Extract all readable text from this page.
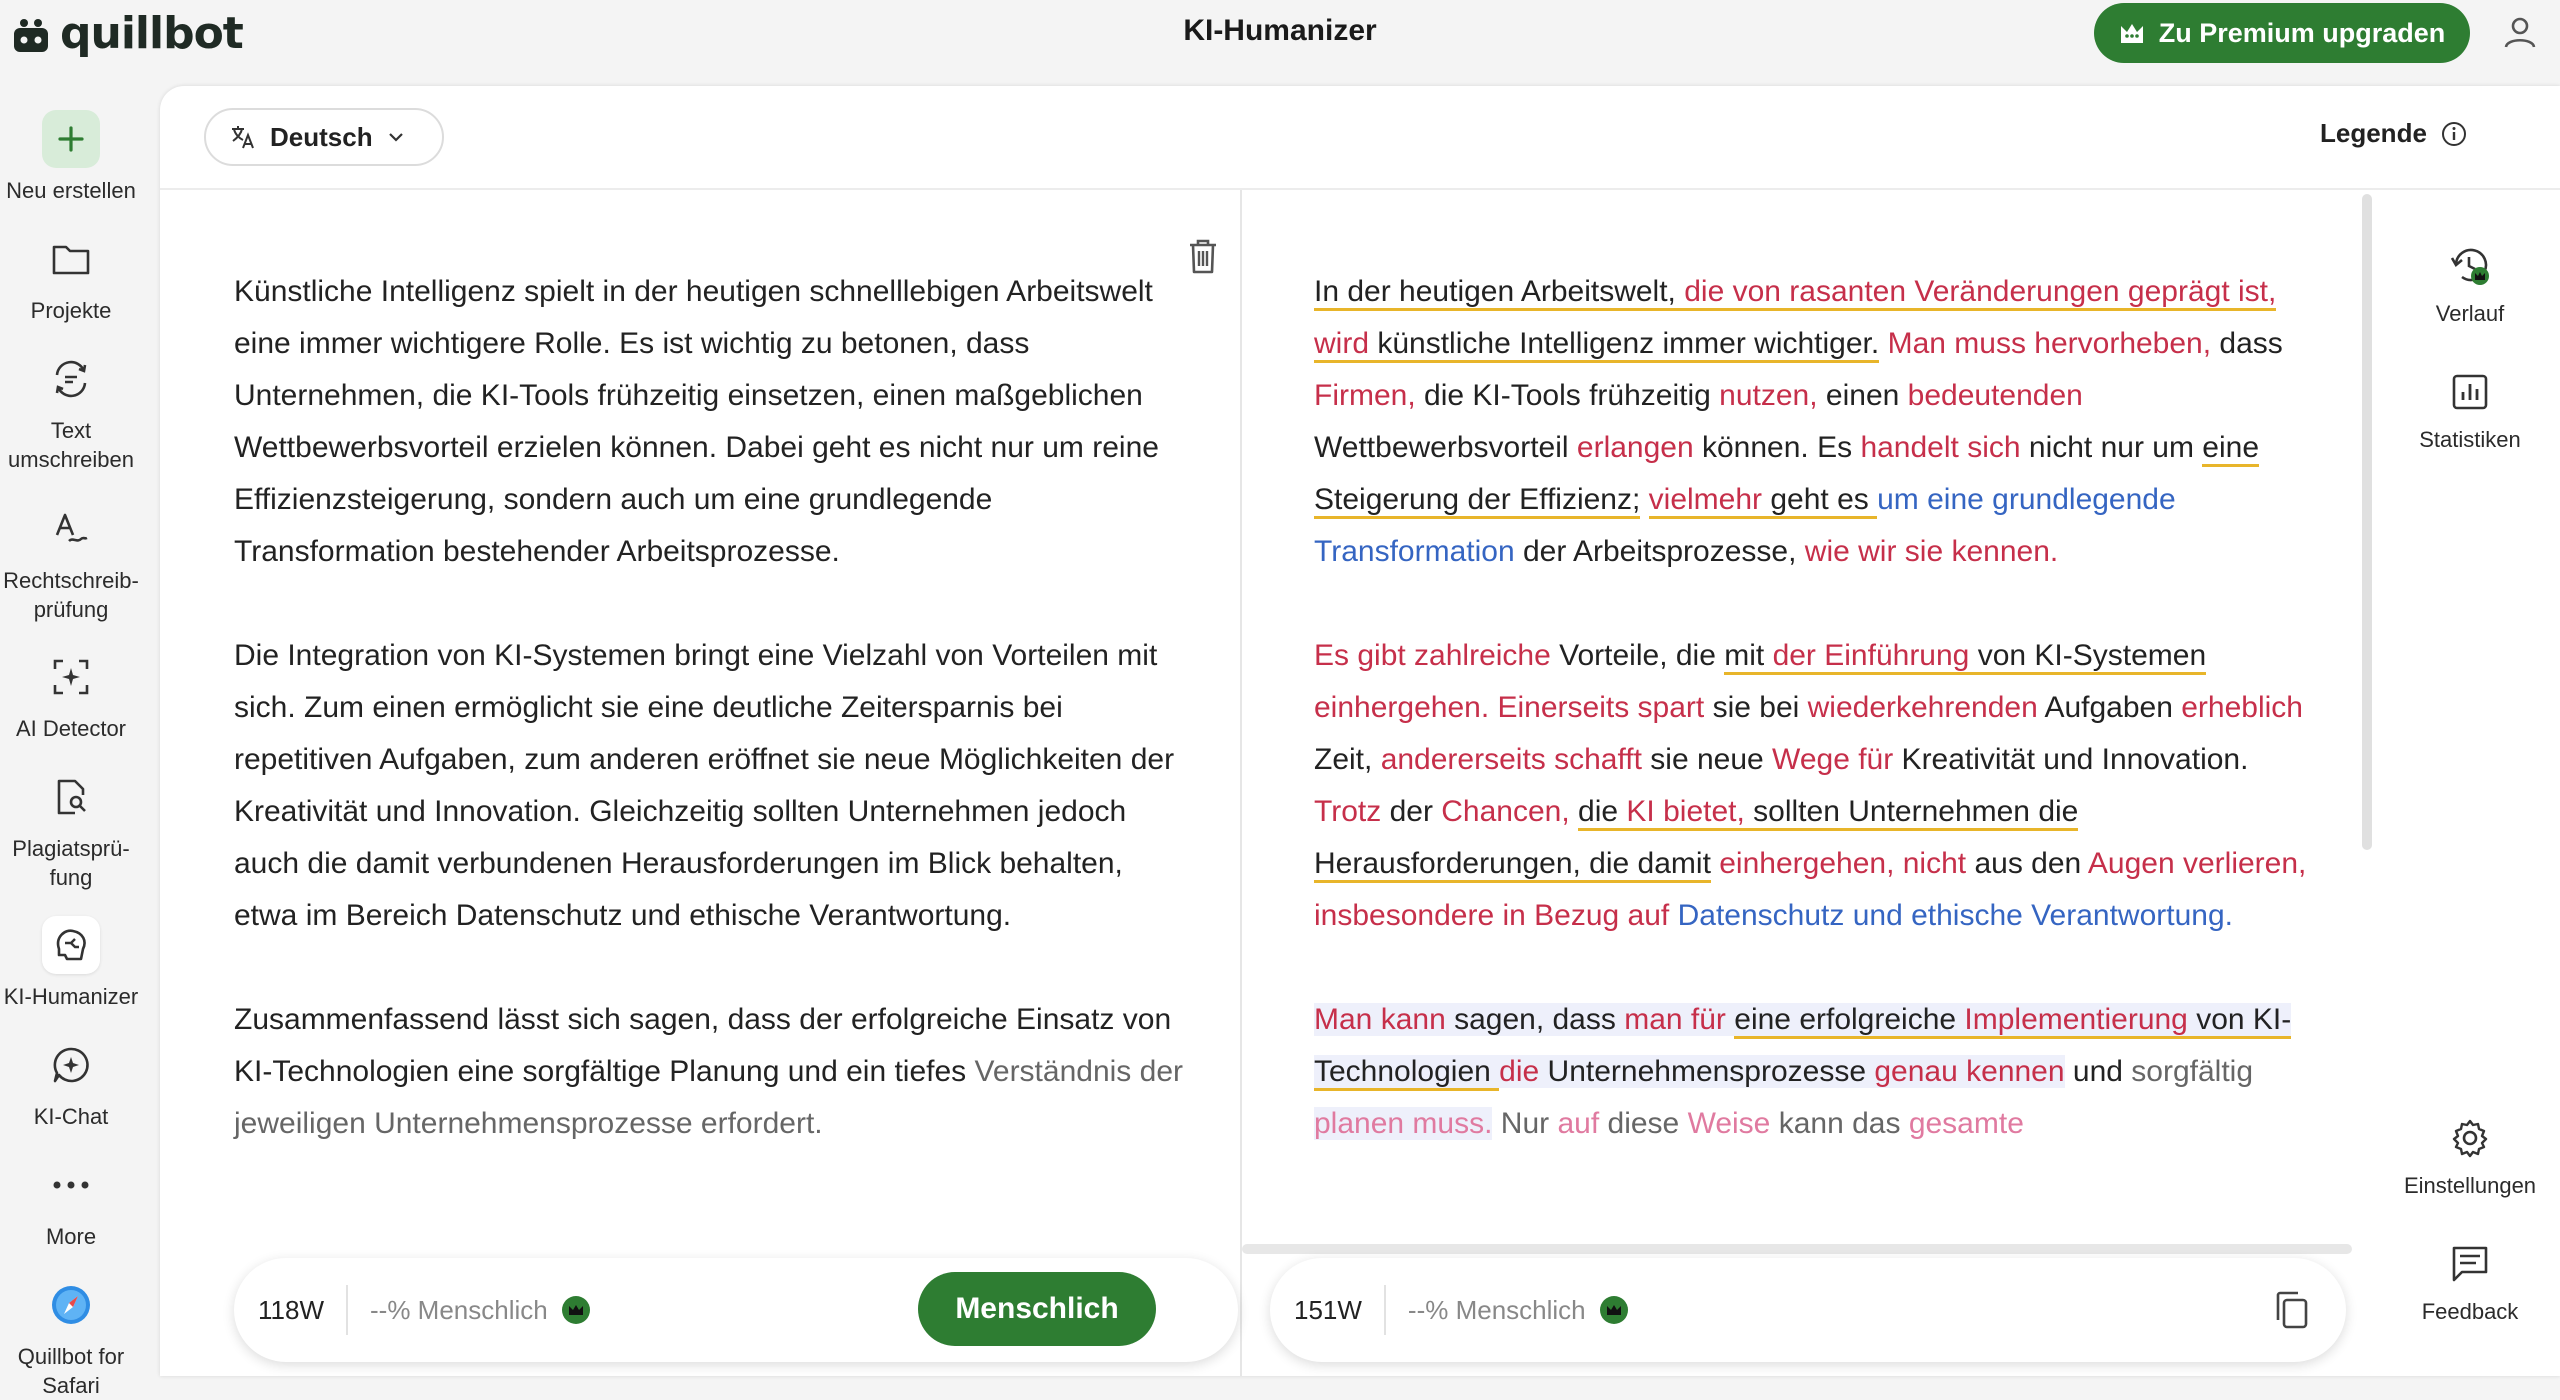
quillbot	KI-Humanizer	Zu Premium upgraden
Neu erstellen
Projekte
Text umschreiben
Rechtschreib-prüfung
AI Detector
Plagiatsprü-fung
KI-Humanizer
KI-Chat
More
Quillbot for Safari
Deutsch	Legende

Künstliche Intelligenz spielt in der heutigen schnelllebigen Arbeitswelt eine immer wichtigere Rolle. Es ist wichtig zu betonen, dass Unternehmen, die KI-Tools frühzeitig einsetzen, einen maßgeblichen Wettbewerbsvorteil erzielen können. Dabei geht es nicht nur um reine Effizienzsteigerung, sondern auch um eine grundlegende Transformation bestehender Arbeitsprozesse.

Die Integration von KI-Systemen bringt eine Vielzahl von Vorteilen mit sich. Zum einen ermöglicht sie eine deutliche Zeitersparnis bei repetitiven Aufgaben, zum anderen eröffnet sie neue Möglichkeiten der Kreativität und Innovation. Gleichzeitig sollten Unternehmen jedoch auch die damit verbundenen Herausforderungen im Blick behalten, etwa im Bereich Datenschutz und ethische Verantwortung.

Zusammenfassend lässt sich sagen, dass der erfolgreiche Einsatz von KI-Technologien eine sorgfältige Planung und ein tiefes Verständnis der jeweiligen Unternehmensprozesse erfordert.

In der heutigen Arbeitswelt, die von rasanten Veränderungen geprägt ist, wird künstliche Intelligenz immer wichtiger. Man muss hervorheben, dass Firmen, die KI-Tools frühzeitig nutzen, einen bedeutenden Wettbewerbsvorteil erlangen können. Es handelt sich nicht nur um eine Steigerung der Effizienz; vielmehr geht es um eine grundlegende Transformation der Arbeitsprozesse, wie wir sie kennen.

Es gibt zahlreiche Vorteile, die mit der Einführung von KI-Systemen einhergehen. Einerseits spart sie bei wiederkehrenden Aufgaben erheblich Zeit, andererseits schafft sie neue Wege für Kreativität und Innovation. Trotz der Chancen, die KI bietet, sollten Unternehmen die Herausforderungen, die damit einhergehen, nicht aus den Augen verlieren, insbesondere in Bezug auf Datenschutz und ethische Verantwortung.

Man kann sagen, dass man für eine erfolgreiche Implementierung von KI-Technologien die Unternehmensprozesse genau kennen und sorgfältig planen muss. Nur auf diese Weise kann das gesamte

118W	--% Menschlich	Menschlich	151W	--% Menschlich
Verlauf
Statistiken
Einstellungen
Feedback
